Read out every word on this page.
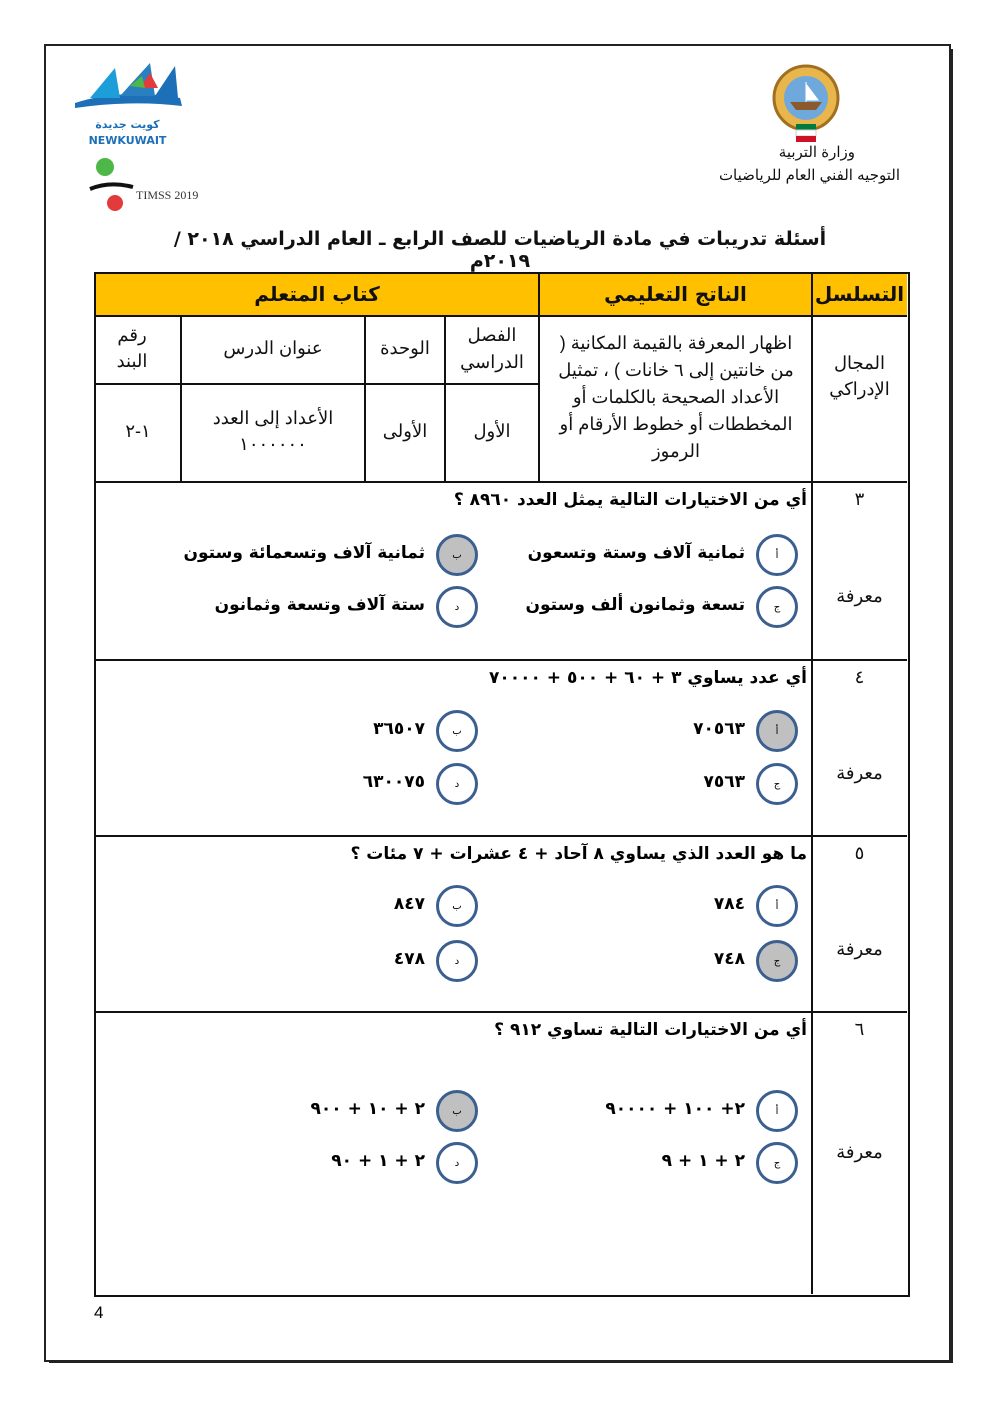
وزارة التربية
التوجيه الفني العام للرياضيات
كويت جديدة NEWKUWAIT
TIMSS 2019
أسئلة تدريبات في مادة الرياضيات للصف الرابع ـ العام الدراسي ٢٠١٨ / ٢٠١٩م
التسلسل
الناتج التعليمي
كتاب المتعلم
المجال الإدراكي
اظهار المعرفة بالقيمة المكانية ( من خانتين إلى ٦ خانات ) ، تمثيل الأعداد الصحيحة بالكلمات أو المخططات أو خطوط الأرقام أو الرموز
الفصل الدراسي
الوحدة
عنوان الدرس
رقم البند
الأول
الأولى
الأعداد إلى العدد ١٠٠٠٠٠٠
١-٢
٣
معرفة
أي من الاختيارات التالية يمثل العدد ٨٩٦٠ ؟
أ
ثمانية آلاف وستة وتسعون
ب
ثمانية آلاف وتسعمائة وستون
ج
تسعة وثمانون ألف وستون
د
ستة آلاف وتسعة وثمانون
٤
معرفة
أي عدد يساوي ٣ + ٦٠ + ٥٠٠ + ٧٠٠٠٠
أ
٧٠٥٦٣
ب
٣٦٥٠٧
ج
٧٥٦٣
د
٦٣٠٠٧٥
٥
معرفة
ما هو العدد الذي يساوي ٨ آحاد + ٤ عشرات + ٧ مئات ؟
أ
٧٨٤
ب
٨٤٧
ج
٧٤٨
د
٤٧٨
٦
معرفة
أي من الاختيارات التالية تساوي ٩١٢ ؟
أ
٢+ ١٠٠ + ٩٠٠٠٠
ب
٢ + ١٠ + ٩٠٠
ج
٢ + ١ + ٩
د
٢ + ١ + ٩٠
4
